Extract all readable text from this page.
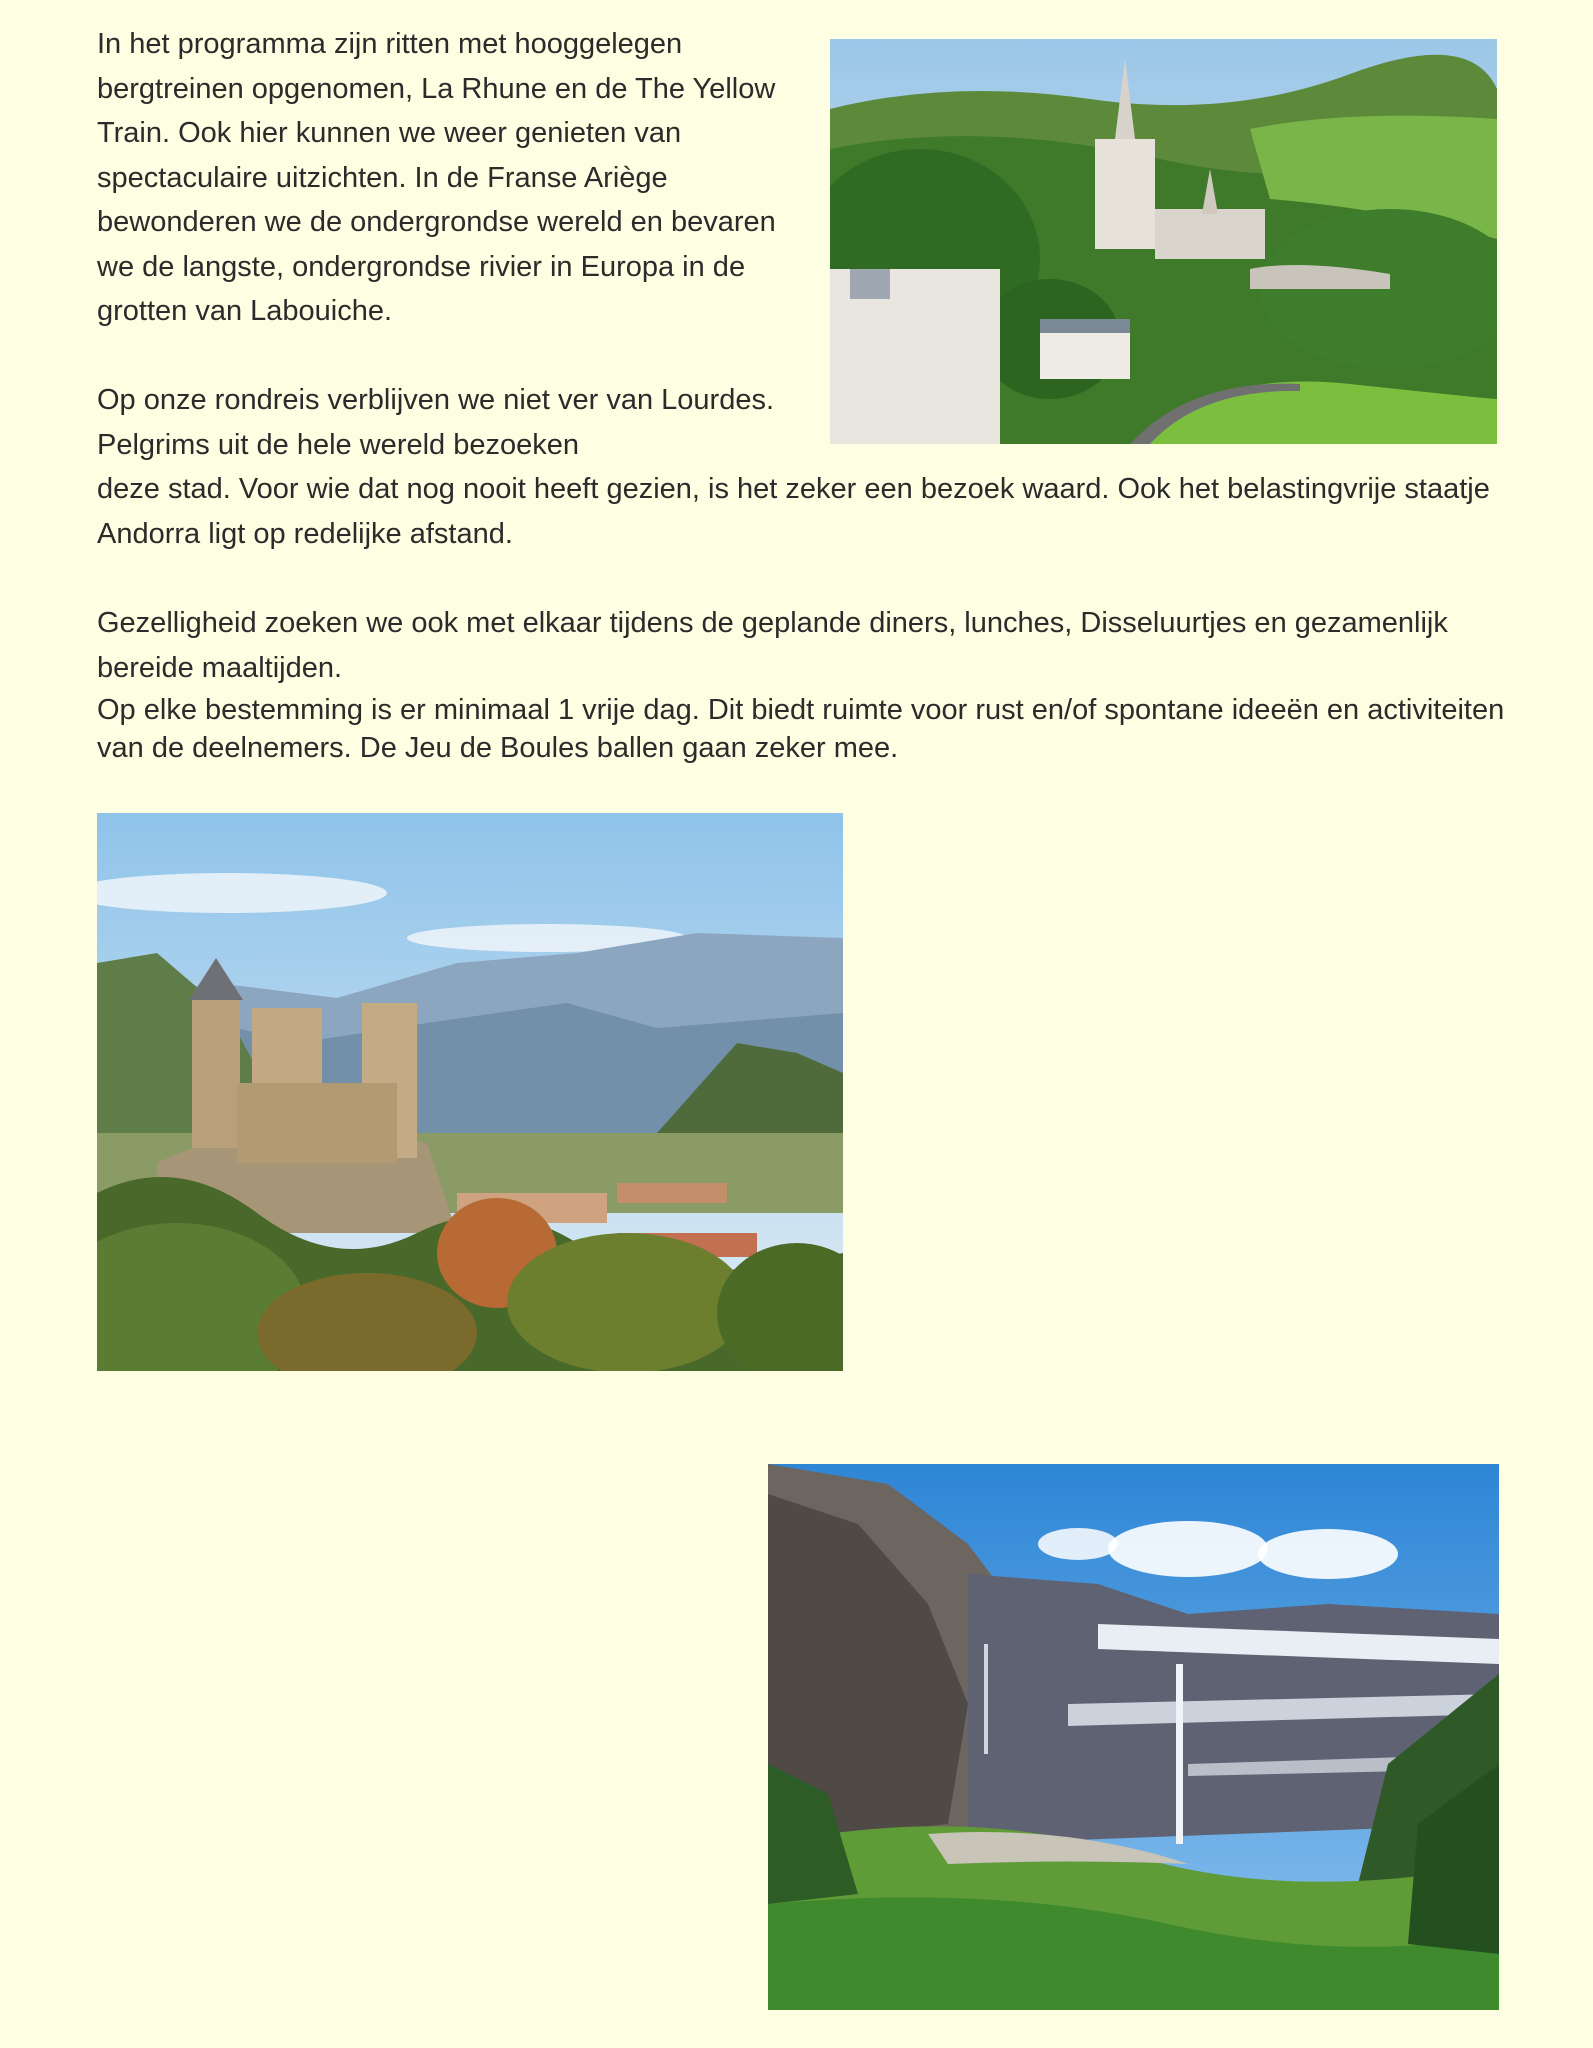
In het programma zijn ritten met hooggelegen bergtreinen opgenomen, La Rhune en de The Yellow Train. Ook hier kunnen we weer genieten van spectaculaire uitzichten. In de Franse Ariège bewonderen we de ondergrondse wereld en bevaren we de langste, ondergrondse rivier in Europa in de grotten van Labouiche.

Op onze rondreis verblijven we niet ver van Lourdes. Pelgrims uit de hele wereld bezoeken

deze stad. Voor wie dat nog nooit heeft gezien, is het zeker een bezoek waard. Ook het belastingvrije staatje Andorra ligt op redelijke afstand.

Gezelligheid zoeken we ook met elkaar tijdens de geplande diners, lunches, Disseluurtjes en gezamenlijk bereide maaltijden.

Op elke bestemming is er minimaal 1 vrije dag. Dit biedt ruimte voor rust en/of spontane ideeën en activiteiten van de deelnemers. De Jeu de Boules ballen gaan zeker mee.
